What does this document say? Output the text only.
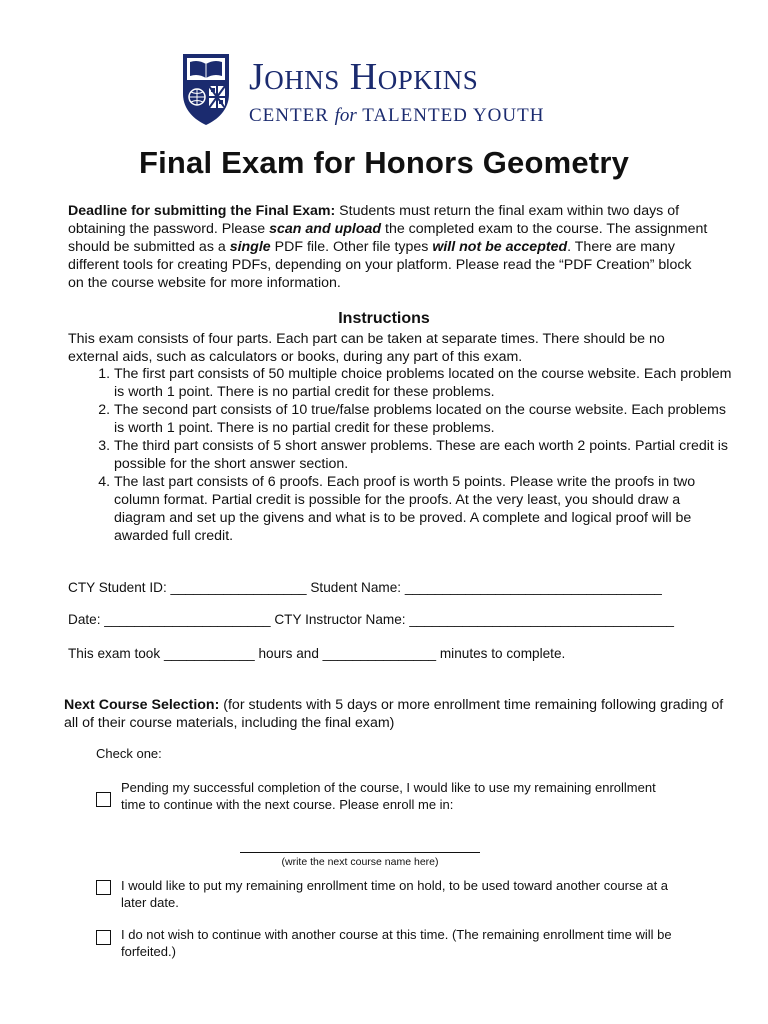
Johns Hopkins
CENTER for TALENTED YOUTH
Final Exam for Honors Geometry
Deadline for submitting the Final Exam: Students must return the final exam within two days of obtaining the password. Please scan and upload the completed exam to the course. The assignment should be submitted as a single PDF file. Other file types will not be accepted. There are many different tools for creating PDFs, depending on your platform. Please read the “PDF Creation” block on the course website for more information.
Instructions
This exam consists of four parts. Each part can be taken at separate times. There should be no external aids, such as calculators or books, during any part of this exam.
1. The first part consists of 50 multiple choice problems located on the course website. Each problem is worth 1 point. There is no partial credit for these problems.
2. The second part consists of 10 true/false problems located on the course website. Each problems is worth 1 point. There is no partial credit for these problems.
3. The third part consists of 5 short answer problems. These are each worth 2 points. Partial credit is possible for the short answer section.
4. The last part consists of 6 proofs. Each proof is worth 5 points. Please write the proofs in two column format. Partial credit is possible for the proofs. At the very least, you should draw a diagram and set up the givens and what is to be proved. A complete and logical proof will be awarded full credit.
CTY Student ID: __________________ Student Name: __________________________________
Date: ______________________ CTY Instructor Name: ___________________________________
This exam took ____________ hours and _______________ minutes to complete.
Next Course Selection: (for students with 5 days or more enrollment time remaining following grading of all of their course materials, including the final exam)
Check one:
Pending my successful completion of the course, I would like to use my remaining enrollment time to continue with the next course. Please enroll me in:
(write the next course name here)
I would like to put my remaining enrollment time on hold, to be used toward another course at a later date.
I do not wish to continue with another course at this time. (The remaining enrollment time will be forfeited.)
